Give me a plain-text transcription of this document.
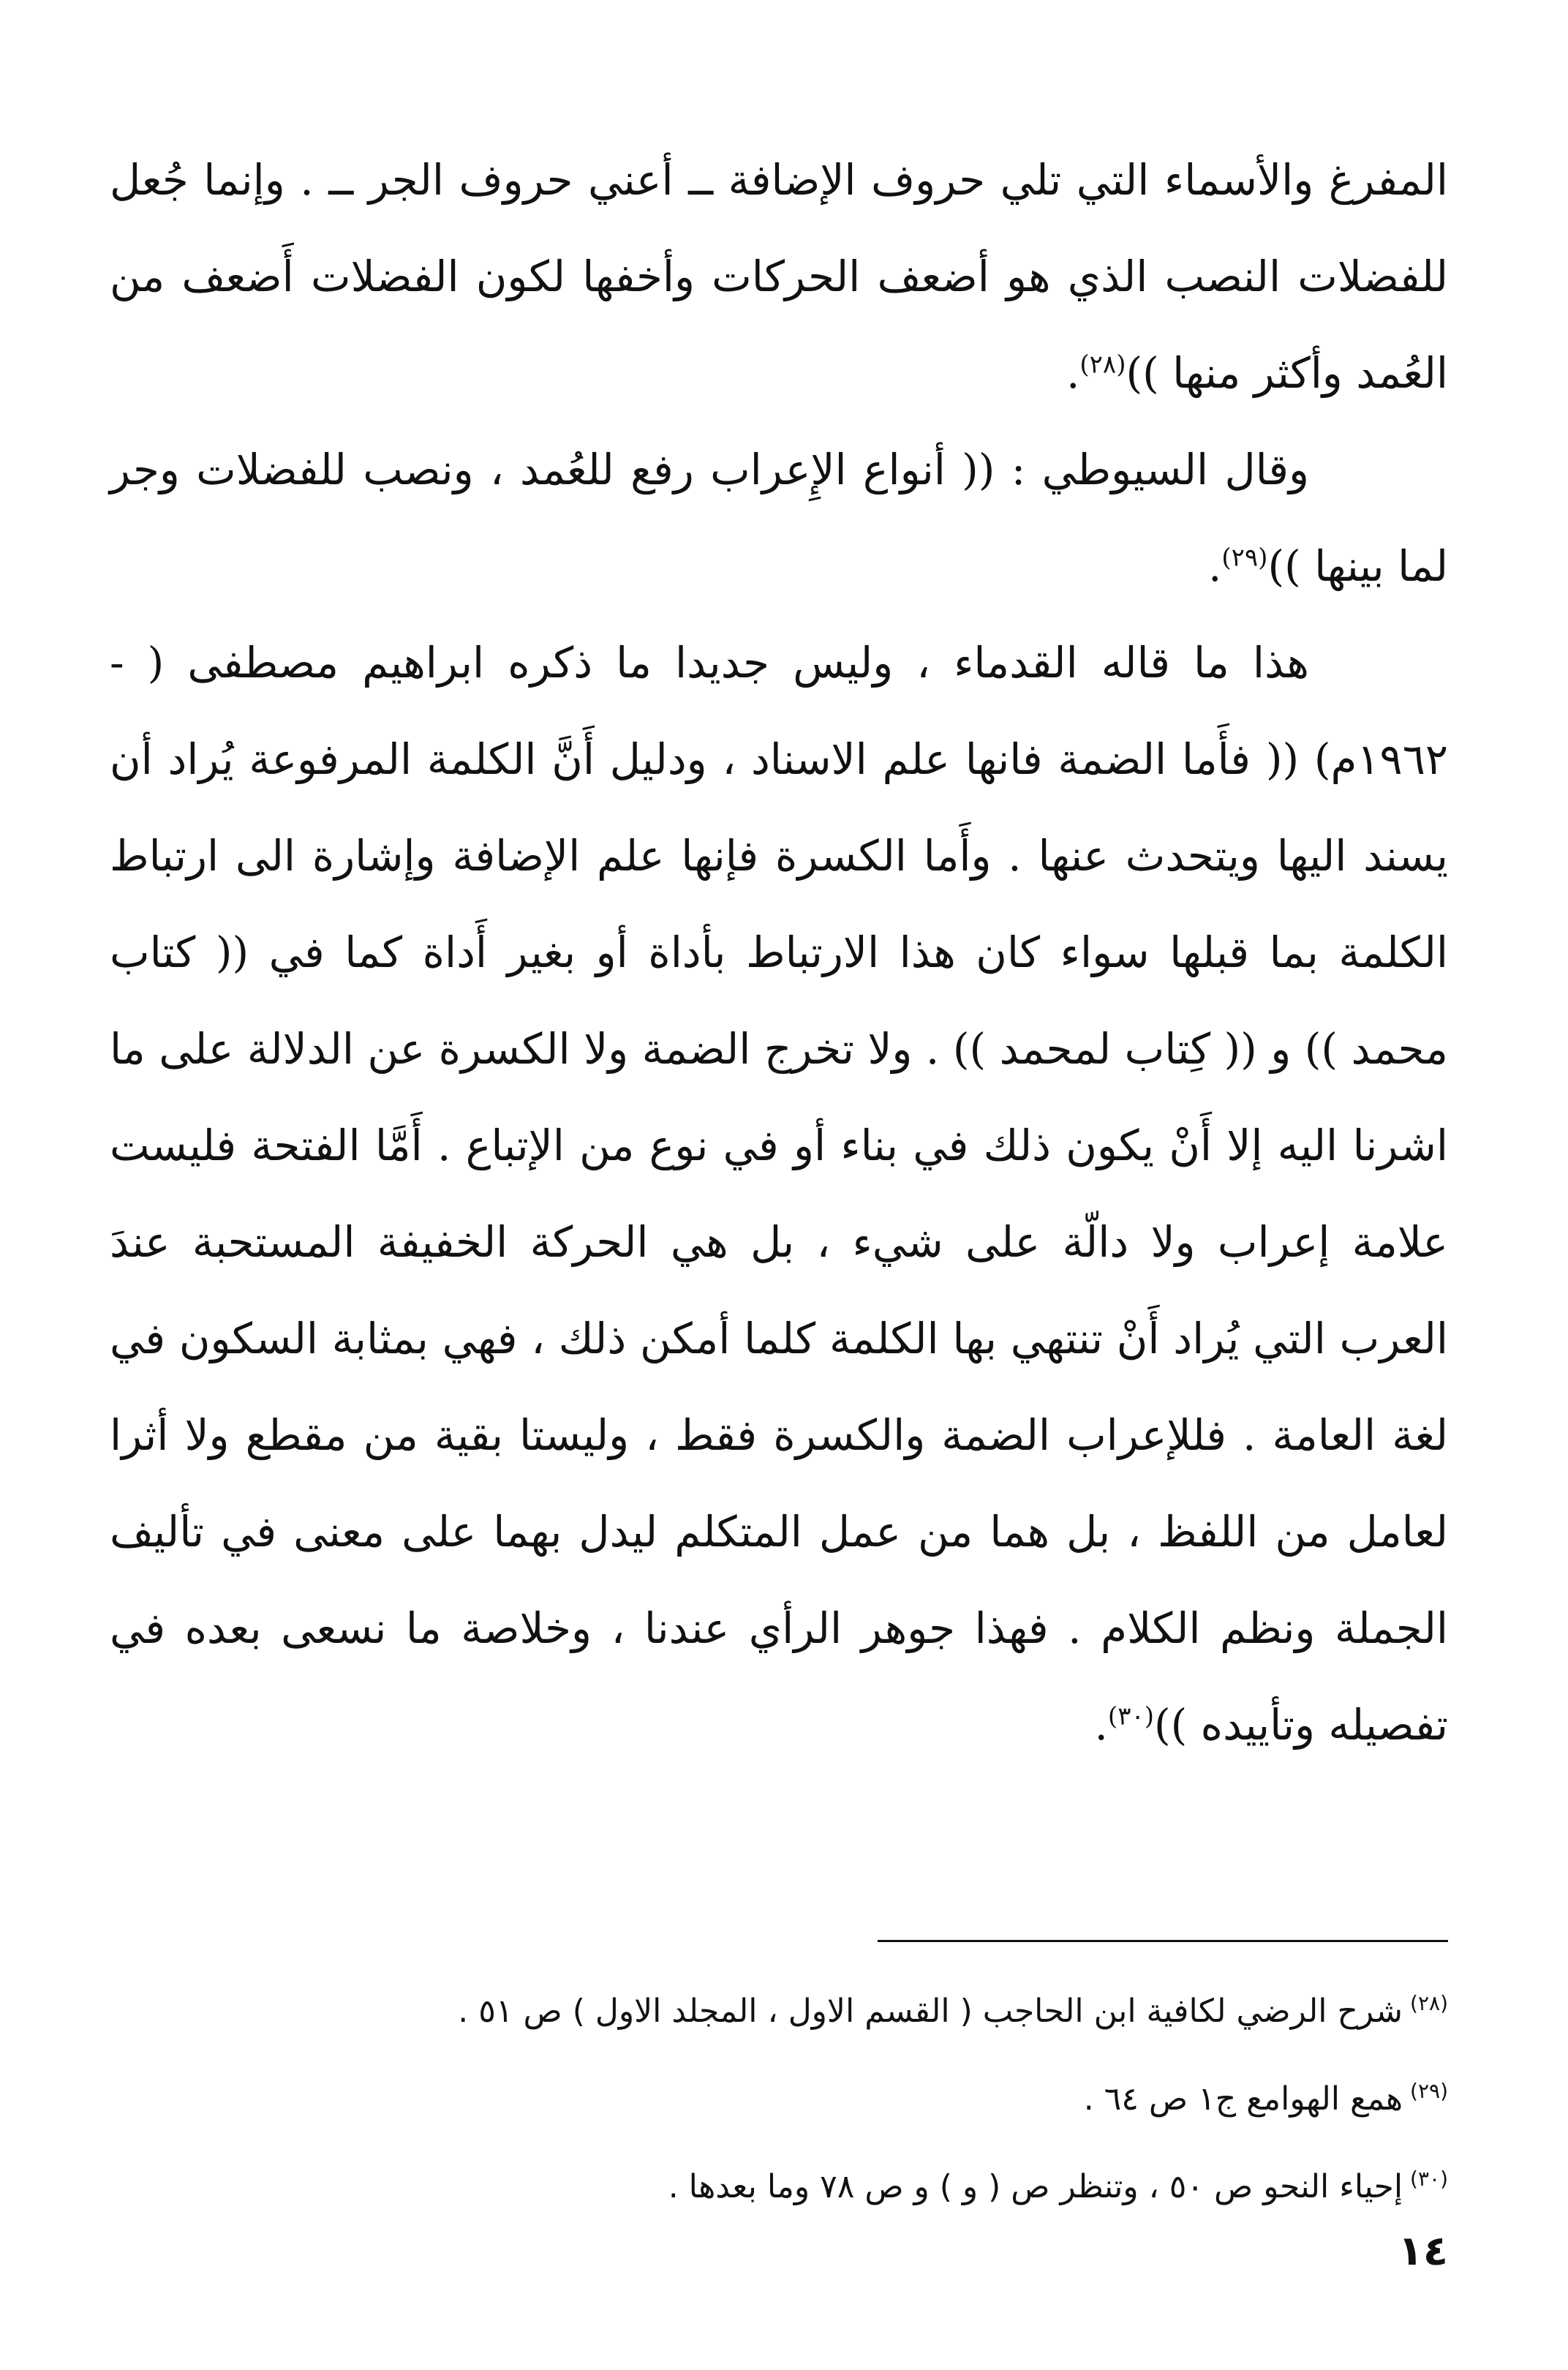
المفرغ والأسماء التي تلي حروف الإضافة ــ أعني حروف الجر ــ . وإنما جُعل للفضلات النصب الذي هو أضعف الحركات وأخفها لكون الفضلات أَضعف من العُمد وأكثر منها ))$^{(٢٨)}$.

وقال السيوطي : (( أنواع الإِعراب رفع للعُمد ، ونصب للفضلات وجر لما بينها ))$^{(٢٩)}$.

هذا ما قاله القدماء ، وليس جديدا ما ذكره ابراهيم مصطفى ( - ١٩٦٢م) (( فأَما الضمة فانها علم الاسناد ، ودليل أَنَّ الكلمة المرفوعة يُراد أن يسند اليها ويتحدث عنها . وأَما الكسرة فإنها علم الإضافة وإشارة الى ارتباط الكلمة بما قبلها سواء كان هذا الارتباط بأداة أو بغير أَداة كما في (( كتاب محمد )) و (( كِتاب لمحمد )) . ولا تخرج الضمة ولا الكسرة عن الدلالة على ما اشرنا اليه إلا أَنْ يكون ذلك في بناء أو في نوع من الإتباع . أَمَّا الفتحة فليست علامة إعراب ولا دالّة على شيء ، بل هي الحركة الخفيفة المستحبة عندَ العرب التي يُراد أَنْ تنتهي بها الكلمة كلما أمكن ذلك ، فهي بمثابة السكون في لغة العامة . فللإعراب الضمة والكسرة فقط ، وليستا بقية من مقطع ولا أثرا لعامل من اللفظ ، بل هما من عمل المتكلم ليدل بهما على معنى في تأليف الجملة ونظم الكلام . فهذا جوهر الرأي عندنا ، وخلاصة ما نسعى بعده في تفصيله وتأييده ))$^{(٣٠)}$.

$^{(٢٨)}$شرح الرضي لكافية ابن الحاجب ( القسم الاول ، المجلد الاول ) ص ٥١ .

$^{(٢٩)}$همع الهوامع ج١ ص ٦٤ .

$^{(٣٠)}$إحياء النحو ص ٥٠ ، وتنظر ص ( و ) و ص ٧٨ وما بعدها .

١٤
